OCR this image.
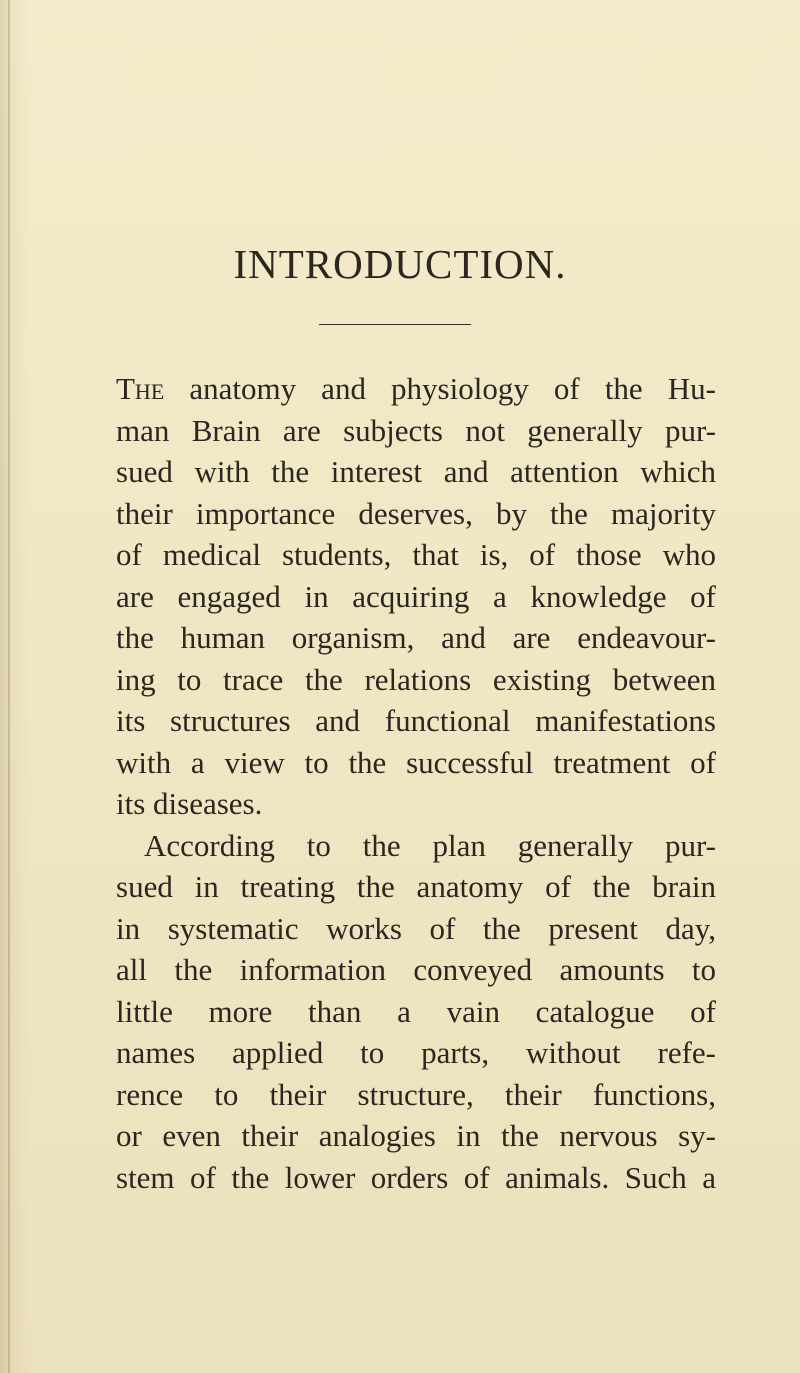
INTRODUCTION.
The anatomy and physiology of the Hu-
man Brain are subjects not generally pur-
sued with the interest and attention which
their importance deserves, by the majority
of medical students, that is, of those who
are engaged in acquiring a knowledge of
the human organism, and are endeavour-
ing to trace the relations existing between
its structures and functional manifestations
with a view to the successful treatment of
its diseases.
According to the plan generally pur-
sued in treating the anatomy of the brain
in systematic works of the present day,
all the information conveyed amounts to
little more than a vain catalogue of
names applied to parts, without refe-
rence to their structure, their functions,
or even their analogies in the nervous sy-
stem of the lower orders of animals. Such a
